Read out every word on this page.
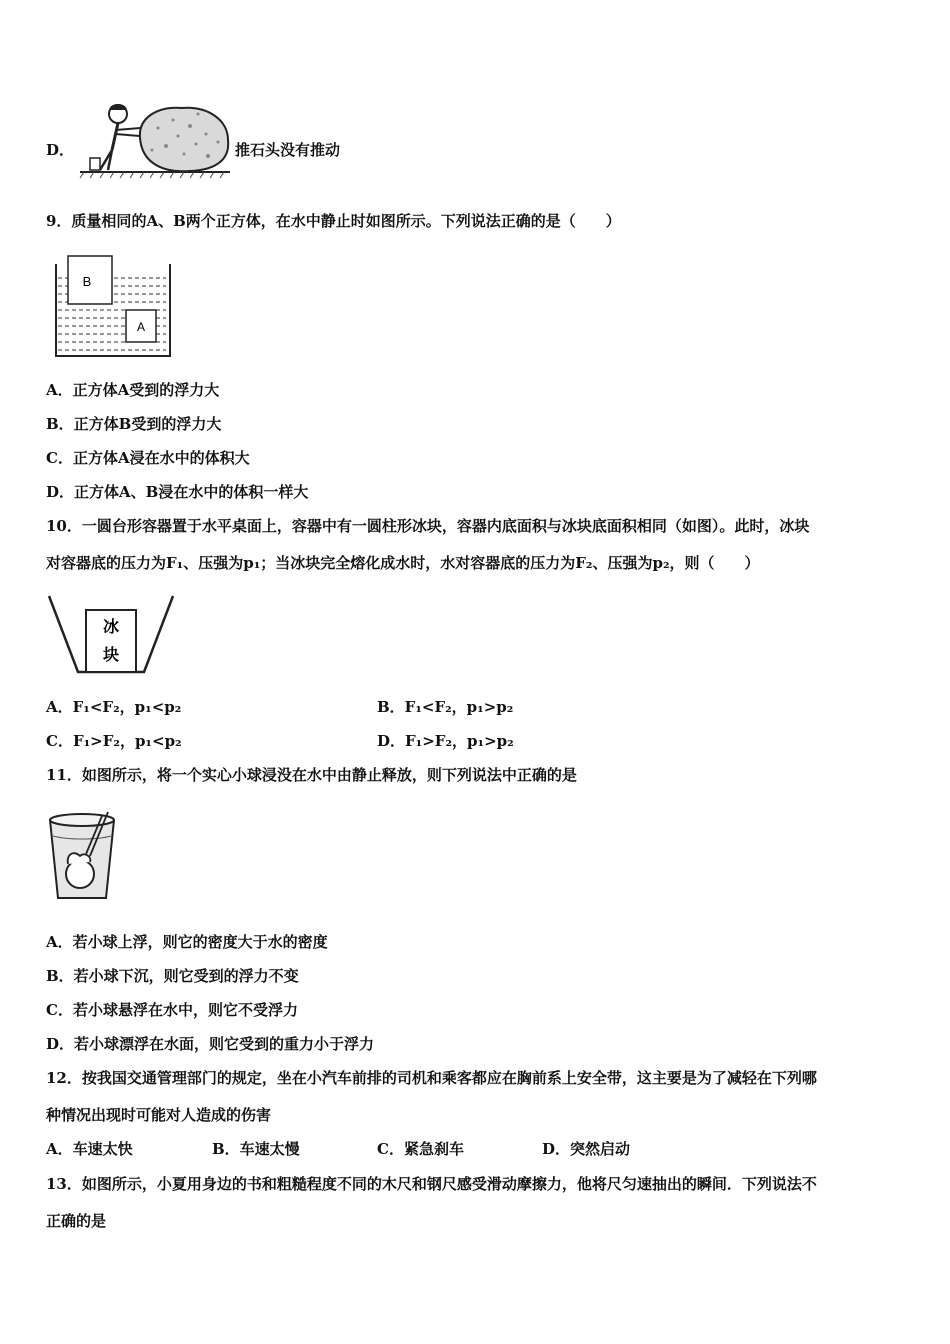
D．	推石头没有推动
9．质量相同的A、B两个正方体，在水中静止时如图所示。下列说法正确的是（　　）
B
A
A．正方体A受到的浮力大
B．正方体B受到的浮力大
C．正方体A浸在水中的体积大
D．正方体A、B浸在水中的体积一样大
10．一圆台形容器置于水平桌面上，容器中有一圆柱形冰块，容器内底面积与冰块底面积相同（如图）。此时，冰块
对容器底的压力为F₁、压强为p₁；当冰块完全熔化成水时，水对容器底的压力为F₂、压强为p₂，则（　　）
冰
块
A．F₁<F₂，p₁<p₂	B．F₁<F₂，p₁>p₂
C．F₁>F₂，p₁<p₂	D．F₁>F₂，p₁>p₂
11．如图所示，将一个实心小球浸没在水中由静止释放，则下列说法中正确的是
A．若小球上浮，则它的密度大于水的密度
B．若小球下沉，则它受到的浮力不变
C．若小球悬浮在水中，则它不受浮力
D．若小球漂浮在水面，则它受到的重力小于浮力
12．按我国交通管理部门的规定，坐在小汽车前排的司机和乘客都应在胸前系上安全带，这主要是为了减轻在下列哪
种情况出现时可能对人造成的伤害
A．车速太快	B．车速太慢	C．紧急刹车	D．突然启动
13．如图所示，小夏用身边的书和粗糙程度不同的木尺和钢尺感受滑动摩擦力，他将尺匀速抽出的瞬间．下列说法不
正确的是
